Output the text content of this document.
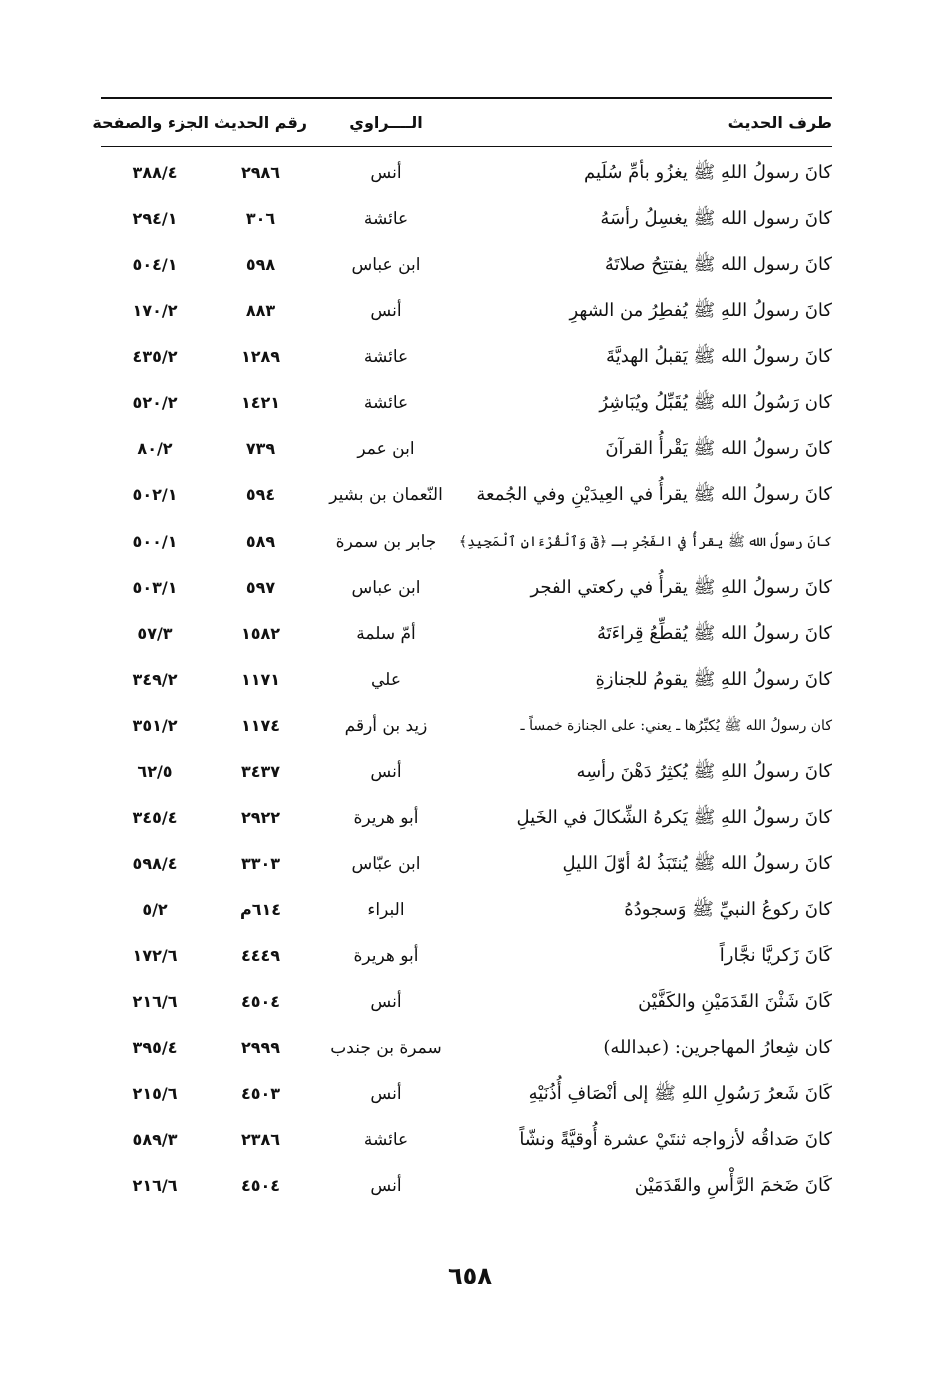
طرف الحديث
الــــراوي
رقم الحديث
الجزء والصفحة
كانَ رسولُ اللهِ ﷺ يغزُو بأمِّ سُلَيم
أنس
٢٩٨٦
٣٨٨/٤
كانَ رسول الله ﷺ يغسِلُ رأسَهُ
عائشة
٣٠٦
٢٩٤/١
كانَ رسول الله ﷺ يفتتِحُ صلاتَهُ
ابن عباس
٥٩٨
٥٠٤/١
كانَ رسولُ اللهِ ﷺ يُفطِرُ من الشهرِ
أنس
٨٨٣
١٧٠/٢
كانَ رسولُ الله ﷺ يَقبلُ الهديَّةَ
عائشة
١٢٨٩
٤٣٥/٢
كان رَسُولُ الله ﷺ يُقَبِّلُ ويُبَاشِرُ
عائشة
١٤٢١
٥٢٠/٢
كانَ رسولُ الله ﷺ يَقْرأُ القرآنَ
ابن عمر
٧٣٩
٨٠/٢
كانَ رسولُ الله ﷺ يقرأُ في العِيدَيْنِ وفي الجُمعة
النّعمان بن بشير
٥٩٤
٥٠٢/١
كانَ رسولُ الله ﷺ يقرأُ في الفَجْرِ بـ ﴿قٓ وَٱلْقُرْءَانِ ٱلْمَجِيدِ﴾
جابر بن سمرة
٥٨٩
٥٠٠/١
كانَ رسولُ اللهِ ﷺ يقرأُ في ركعتي الفجر
ابن عباس
٥٩٧
٥٠٣/١
كانَ رسولُ الله ﷺ يُقطِّعُ قِراءَتَهُ
أمّ سلمة
١٥٨٢
٥٧/٣
كانَ رسولُ اللهِ ﷺ يقومُ للجنازةِ
علي
١١٧١
٣٤٩/٢
كان رسولُ الله ﷺ يُكبِّرُها ـ يعني: على الجنازة خمساً ـ
زيد بن أرقم
١١٧٤
٣٥١/٢
كانَ رسولُ اللهِ ﷺ يُكثِرُ دَهْنَ رأسِه
أنس
٣٤٣٧
٦٢/٥
كانَ رسولُ اللهِ ﷺ يَكرهُ الشِّكالَ في الخَيلِ
أبو هريرة
٢٩٢٢
٣٤٥/٤
كانَ رسولُ الله ﷺ يُنتَبَذُ لهُ أوّلَ الليلِ
ابن عبّاس
٣٣٠٣
٥٩٨/٤
كانَ ركوعُ النبيِّ ﷺ وَسجودُهُ
البراء
٦١٤م
٥/٢
كَانَ زَكريَّا نجَّاراً
أبو هريرة
٤٤٤٩
١٧٢/٦
كَانَ شَثْنَ القَدَمَيْنِ والكَفَّيْن
أنس
٤٥٠٤
٢١٦/٦
كان شِعارُ المهاجرين: (عبدالله)
سمرة بن جندب
٢٩٩٩
٣٩٥/٤
كَانَ شَعرُ رَسُولِ اللهِ ﷺ إلى أنْصَافِ أُذُنَيْهِ
أنس
٤٥٠٣
٢١٥/٦
كانَ صَداقُه لأزواجه ثنتَيْ عشرة أُوقيَّةً ونشّاً
عائشة
٢٣٨٦
٥٨٩/٣
كَانَ ضَخمَ الرَّأْسِ والقَدَمَيْن
أنس
٤٥٠٤
٢١٦/٦
٦٥٨
